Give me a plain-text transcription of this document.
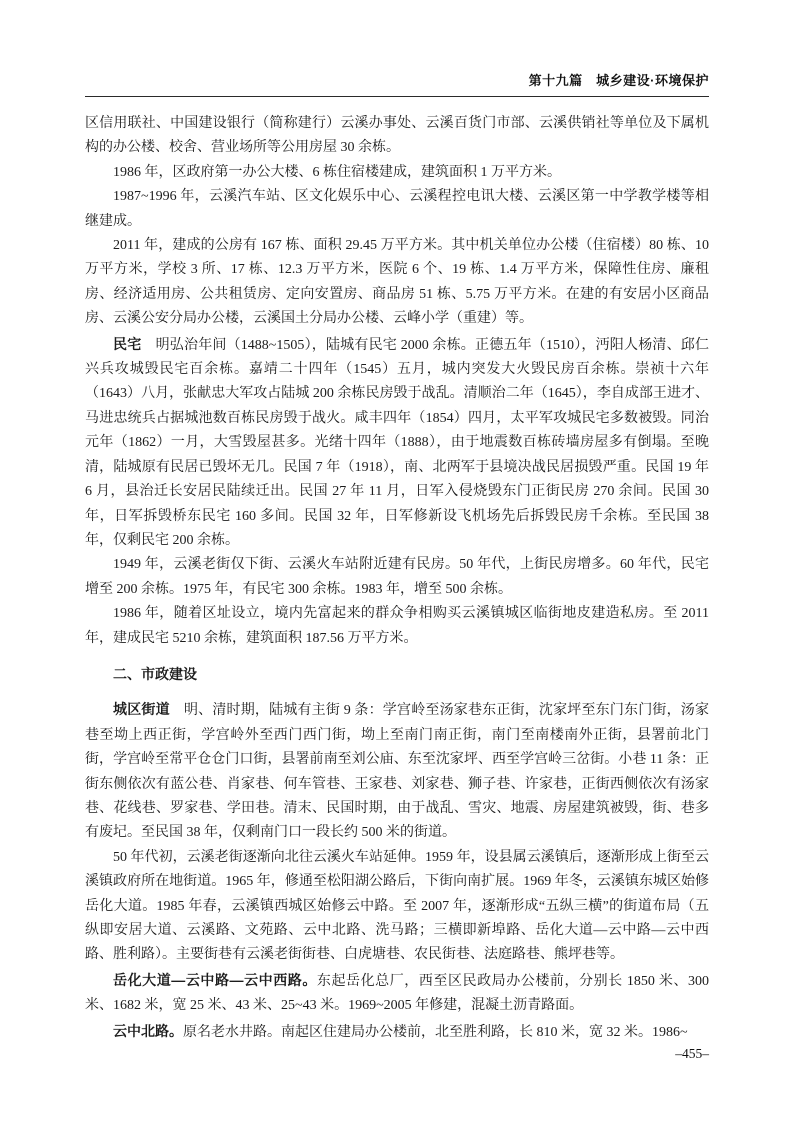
第十九篇　城乡建设·环境保护

区信用联社、中国建设银行（简称建行）云溪办事处、云溪百货门市部、云溪供销社等单位及下属机构的办公楼、校舍、营业场所等公用房屋 30 余栋。

1986 年，区政府第一办公大楼、6 栋住宿楼建成，建筑面积 1 万平方米。

1987~1996 年，云溪汽车站、区文化娱乐中心、云溪程控电讯大楼、云溪区第一中学教学楼等相继建成。

2011 年，建成的公房有 167 栋、面积 29.45 万平方米。其中机关单位办公楼（住宿楼）80 栋、10 万平方米，学校 3 所、17 栋、12.3 万平方米，医院 6 个、19 栋、1.4 万平方米，保障性住房、廉租房、经济适用房、公共租赁房、定向安置房、商品房 51 栋、5.75 万平方米。在建的有安居小区商品房、云溪公安分局办公楼，云溪国土分局办公楼、云峰小学（重建）等。

民宅　明弘治年间（1488~1505），陆城有民宅 2000 余栋。正德五年（1510），沔阳人杨清、邱仁兴兵攻城毁民宅百余栋。嘉靖二十四年（1545）五月，城内突发大火毁民房百余栋。崇祯十六年（1643）八月，张献忠大军攻占陆城 200 余栋民房毁于战乱。清顺治二年（1645），李自成部王进才、马进忠统兵占据城池数百栋民房毁于战火。咸丰四年（1854）四月，太平军攻城民宅多数被毁。同治元年（1862）一月，大雪毁屋甚多。光绪十四年（1888），由于地震数百栋砖墙房屋多有倒塌。至晚清，陆城原有民居已毁坏无几。民国 7 年（1918），南、北两军于县境决战民居损毁严重。民国 19 年 6 月，县治迁长安居民陆续迁出。民国 27 年 11 月，日军入侵烧毁东门正街民房 270 余间。民国 30 年，日军拆毁桥东民宅 160 多间。民国 32 年，日军修新设飞机场先后拆毁民房千余栋。至民国 38 年，仅剩民宅 200 余栋。

1949 年，云溪老街仅下街、云溪火车站附近建有民房。50 年代，上街民房增多。60 年代，民宅增至 200 余栋。1975 年，有民宅 300 余栋。1983 年，增至 500 余栋。

1986 年，随着区址设立，境内先富起来的群众争相购买云溪镇城区临街地皮建造私房。至 2011 年，建成民宅 5210 余栋，建筑面积 187.56 万平方米。

二、市政建设

城区街道　明、清时期，陆城有主街 9 条：学宫岭至汤家巷东正街，沈家坪至东门东门街，汤家巷至坳上西正街，学宫岭外至西门西门街，坳上至南门南正街，南门至南楼南外正街，县署前北门街，学宫岭至常平仓仓门口街，县署前南至刘公庙、东至沈家坪、西至学宫岭三岔街。小巷 11 条：正街东侧依次有蓝公巷、肖家巷、何车管巷、王家巷、刘家巷、狮子巷、许家巷，正街西侧依次有汤家巷、花线巷、罗家巷、学田巷。清末、民国时期，由于战乱、雪灾、地震、房屋建筑被毁，街、巷多有废圮。至民国 38 年，仅剩南门口一段长约 500 米的街道。

50 年代初，云溪老街逐渐向北往云溪火车站延伸。1959 年，设县属云溪镇后，逐渐形成上街至云溪镇政府所在地街道。1965 年，修通至松阳湖公路后，下街向南扩展。1969 年冬，云溪镇东城区始修岳化大道。1985 年春，云溪镇西城区始修云中路。至 2007 年，逐渐形成“五纵三横”的街道布局（五纵即安居大道、云溪路、文苑路、云中北路、洗马路；三横即新埠路、岳化大道—云中路—云中西路、胜利路）。主要街巷有云溪老街街巷、白虎塘巷、农民街巷、法庭路巷、熊坪巷等。

岳化大道—云中路—云中西路。东起岳化总厂，西至区民政局办公楼前，分别长 1850 米、300 米、1682 米，宽 25 米、43 米、25~43 米。1969~2005 年修建，混凝土沥青路面。

云中北路。原名老水井路。南起区住建局办公楼前，北至胜利路，长 810 米，宽 32 米。1986~

–455–
